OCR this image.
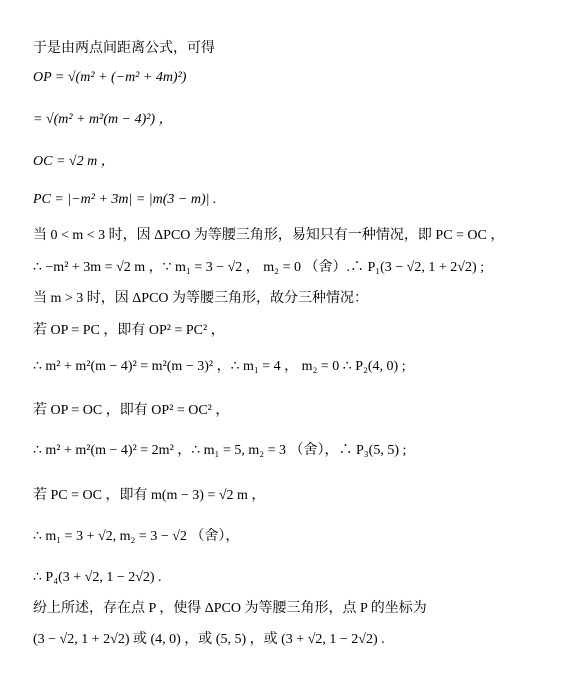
于是由两点间距离公式，可得
OP = √(m² + (−m² + 4m)²)
= √(m² + m²(m − 4)²) ，
OC = √2 m ，
PC = |−m² + 3m| = |m(3 − m)| .
当 0 < m < 3 时，因 ΔPCO 为等腰三角形，易知只有一种情况，即 PC = OC ，
∴ −m² + 3m = √2 m ，∵ m₁ = 3 − √2 ， m₂ = 0 （舍）.∴ P₁(3 − √2, 1 + 2√2) ;
当 m > 3 时，因 ΔPCO 为等腰三角形，故分三种情况：
若 OP = PC ，即有 OP² = PC² ，
∴ m² + m²(m − 4)² = m²(m − 3)² ，∴ m₁ = 4 ， m₂ = 0 ∴ P₂(4, 0) ;
若 OP = OC ，即有 OP² = OC² ，
∴ m² + m²(m − 4)² = 2m² ，∴ m₁ = 5, m₂ = 3 （舍），∴ P₃(5, 5) ;
若 PC = OC ，即有 m(m − 3) = √2 m ，
∴ m₁ = 3 + √2, m₂ = 3 − √2 （舍），
∴ P₄(3 + √2, 1 − 2√2) .
纷上所述，存在点 P ，使得 ΔPCO 为等腰三角形，点 P 的坐标为
(3 − √2, 1 + 2√2) 或 (4, 0) ，或 (5, 5) ，或 (3 + √2, 1 − 2√2) .
